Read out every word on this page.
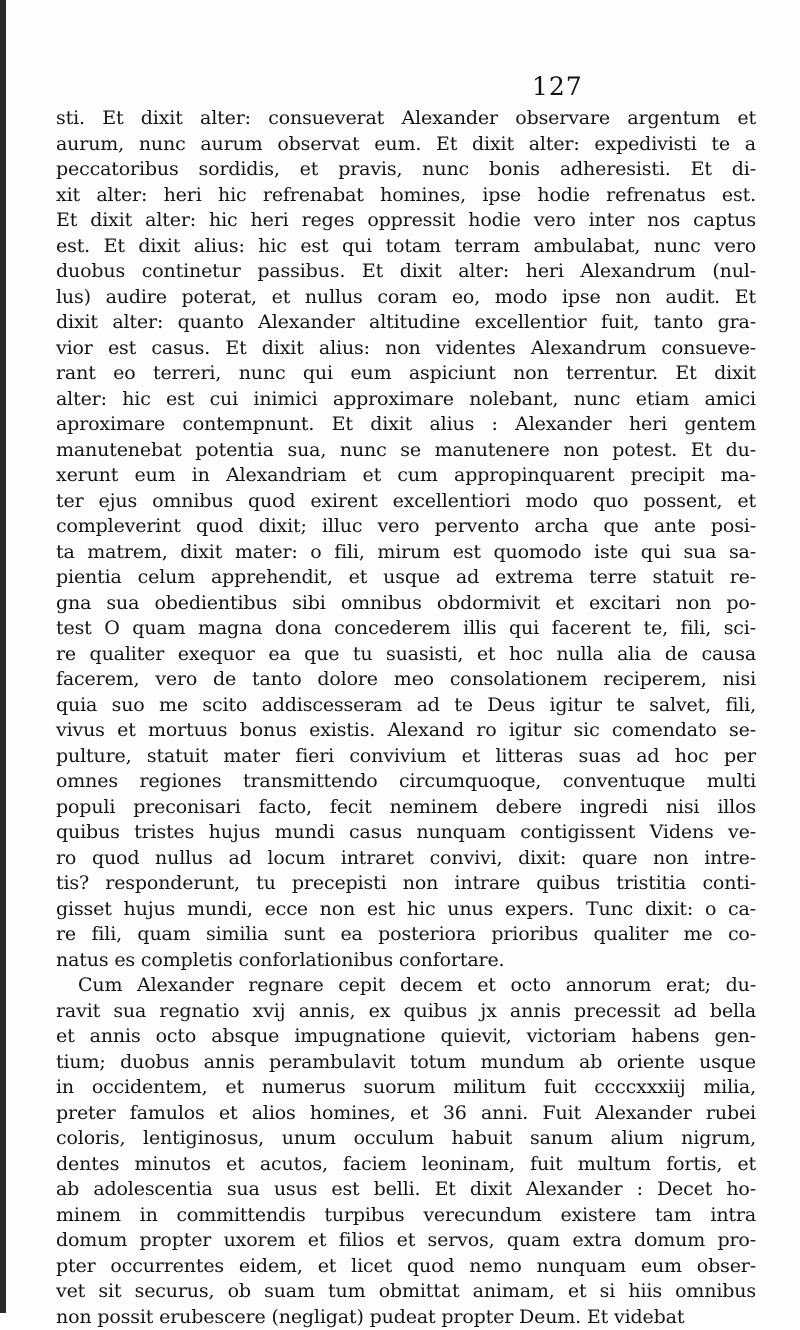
127
sti. Et dixit alter: consueverat Alexander observare argentum et
aurum, nunc aurum observat eum. Et dixit alter: expedivisti te a
peccatoribus sordidis, et pravis, nunc bonis adheresisti. Et di-
xit alter: heri hic refrenabat homines, ipse hodie refrenatus est.
Et dixit alter: hic heri reges oppressit hodie vero inter nos captus
est. Et dixit alius: hic est qui totam terram ambulabat, nunc vero
duobus continetur passibus. Et dixit alter: heri Alexandrum (nul-
lus) audire poterat, et nullus coram eo, modo ipse non audit. Et
dixit alter: quanto Alexander altitudine excellentior fuit, tanto gra-
vior est casus. Et dixit alius: non videntes Alexandrum consueve-
rant eo terreri, nunc qui eum aspiciunt non terrentur. Et dixit
alter: hic est cui inimici approximare nolebant, nunc etiam amici
aproximare contempnunt. Et dixit alius : Alexander heri gentem
manutenebat potentia sua, nunc se manutenere non potest. Et du-
xerunt eum in Alexandriam et cum appropinquarent precipit ma-
ter ejus omnibus quod exirent excellentiori modo quo possent, et
compleverint quod dixit; illuc vero pervento archa que ante posi-
ta matrem, dixit mater: o fili, mirum est quomodo iste qui sua sa-
pientia celum apprehendit, et usque ad extrema terre statuit re-
gna sua obedientibus sibi omnibus obdormivit et excitari non po-
test O quam magna dona concederem illis qui facerent te, fili, sci-
re qualiter exequor ea que tu suasisti, et hoc nulla alia de causa
facerem, vero de tanto dolore meo consolationem reciperem, nisi
quia suo me scito addiscesseram ad te Deus igitur te salvet, fili,
vivus et mortuus bonus existis. Alexand ro igitur sic comendato se-
pulture, statuit mater fieri convivium et litteras suas ad hoc per
omnes regiones transmittendo circumquoque, conventuque multi
populi preconisari facto, fecit neminem debere ingredi nisi illos
quibus tristes hujus mundi casus nunquam contigissent Videns ve-
ro quod nullus ad locum intraret convivi, dixit: quare non intre-
tis? responderunt, tu precepisti non intrare quibus tristitia conti-
gisset hujus mundi, ecce non est hic unus expers. Tunc dixit: o ca-
re fili, quam similia sunt ea posteriora prioribus qualiter me co-
natus es completis conforlationibus confortare.
Cum Alexander regnare cepit decem et octo annorum erat; du-
ravit sua regnatio xvij annis, ex quibus jx annis precessit ad bella
et annis octo absque impugnatione quievit, victoriam habens gen-
tium; duobus annis perambulavit totum mundum ab oriente usque
in occidentem, et numerus suorum militum fuit ccccxxxiij milia,
preter famulos et alios homines, et 36 anni. Fuit Alexander rubei
coloris, lentiginosus, unum occulum habuit sanum alium nigrum,
dentes minutos et acutos, faciem leoninam, fuit multum fortis, et
ab adolescentia sua usus est belli. Et dixit Alexander : Decet ho-
minem in committendis turpibus verecundum existere tam intra
domum propter uxorem et filios et servos, quam extra domum pro-
pter occurrentes eidem, et licet quod nemo nunquam eum obser-
vet sit securus, ob suam tum obmittat animam, et si hiis omnibus
non possit erubescere (negligat) pudeat propter Deum. Et videbat
